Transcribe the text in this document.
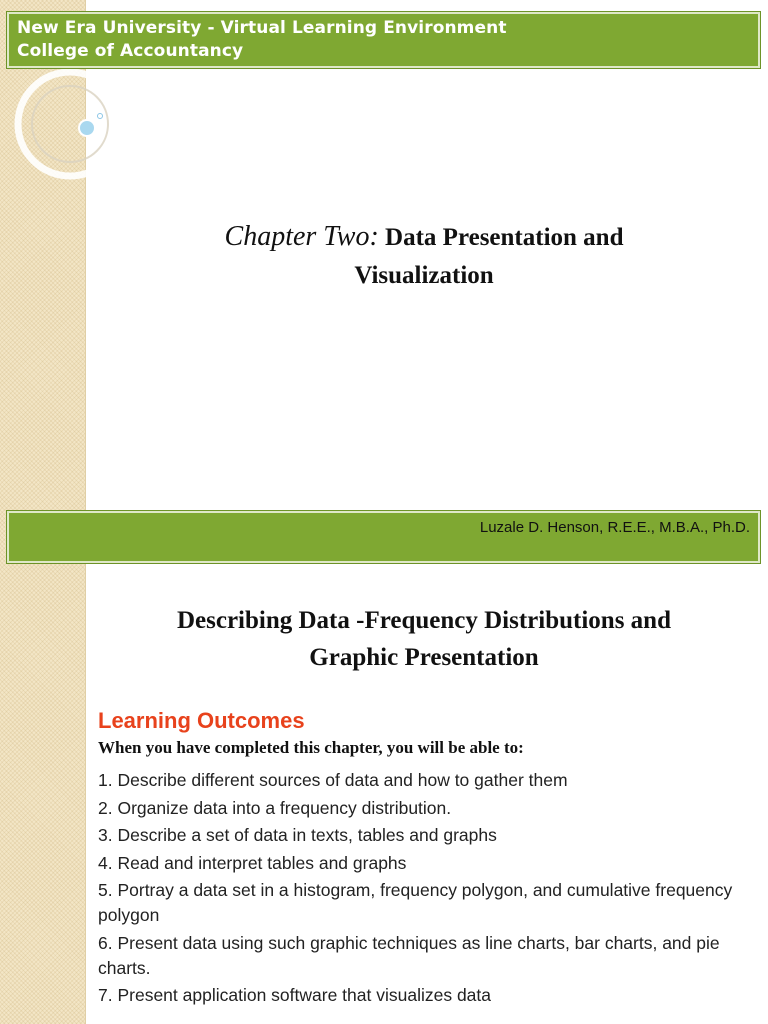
New Era University - Virtual Learning Environment
College of Accountancy
Chapter Two: Data Presentation and
Visualization
Luzale D. Henson, R.E.E., M.B.A., Ph.D.
Describing Data -Frequency Distributions and
Graphic Presentation
Learning Outcomes
When you have completed this chapter, you will be able to:
1. Describe different sources of data and how to gather them
2. Organize data into a frequency distribution.
3. Describe a set of data in texts, tables and graphs
4. Read and interpret tables and graphs
5. Portray a data set in a histogram, frequency polygon, and cumulative frequency polygon
6. Present data using such graphic techniques as line charts, bar charts, and pie charts.
7. Present application software that visualizes data
